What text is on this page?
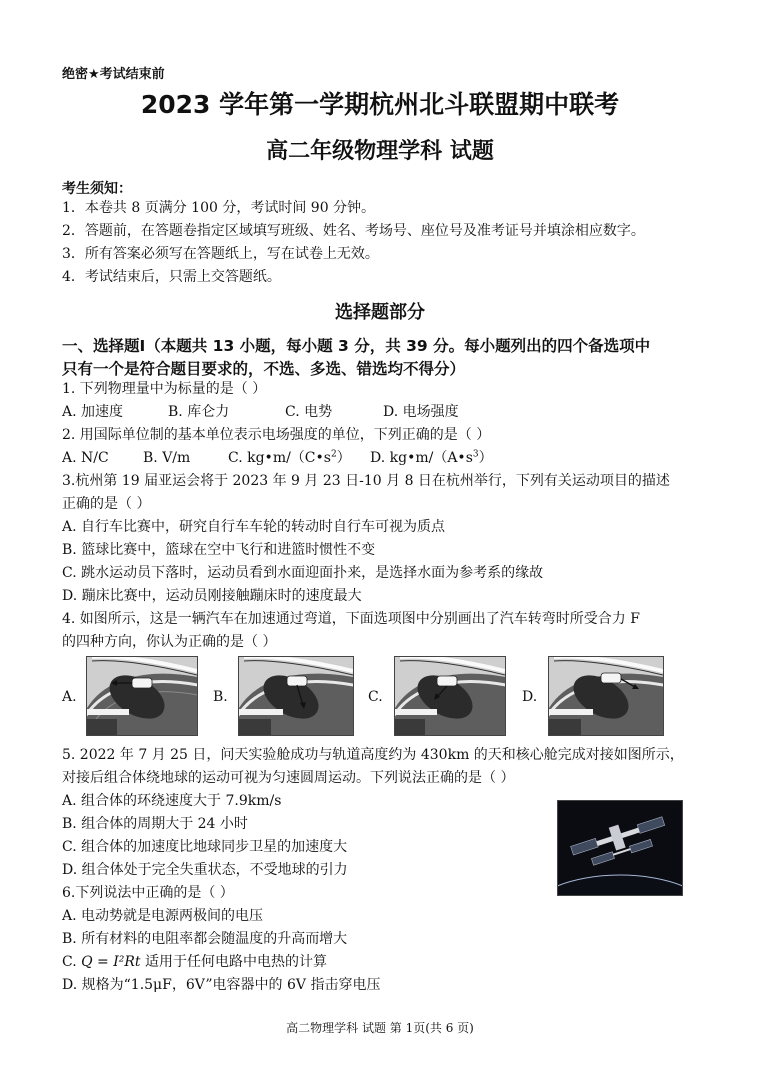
绝密★考试结束前
2023 学年第一学期杭州北斗联盟期中联考
高二年级物理学科 试题
考生须知：
1．本卷共 8 页满分 100 分，考试时间 90 分钟。
2．答题前，在答题卷指定区域填写班级、姓名、考场号、座位号及准考证号并填涂相应数字。
3．所有答案必须写在答题纸上，写在试卷上无效。
4．考试结束后，只需上交答题纸。
选择题部分
一、选择题Ⅰ（本题共 13 小题，每小题 3 分，共 39 分。每小题列出的四个备选项中
只有一个是符合题目要求的，不选、多选、错选均不得分）
1. 下列物理量中为标量的是（ ）
A. 加速度	B. 库仑力	C. 电势	D. 电场强度
2. 用国际单位制的基本单位表示电场强度的单位，下列正确的是（ ）
A. N/C B. V/m	C. $kg•m/(C•s^2)$ D. $kg•m/(A•s^3)$
3.杭州第 19 届亚运会将于 2023 年 9 月 23 日-10 月 8 日在杭州举行，下列有关运动项目的描述
正确的是（ ）
A. 自行车比赛中，研究自行车车轮的转动时自行车可视为质点
B. 篮球比赛中，篮球在空中飞行和进篮时惯性不变
C. 跳水运动员下落时，运动员看到水面迎面扑来，是选择水面为参考系的缘故
D. 蹦床比赛中，运动员刚接触蹦床时的速度最大
4. 如图所示，这是一辆汽车在加速通过弯道，下面选项图中分别画出了汽车转弯时所受合力 F
的四种方向，你认为正确的是（ ）
A.	B.	C.	D.
5. 2022 年 7 月 25 日，问天实验舱成功与轨道高度约为 430km 的天和核心舱完成对接如图所示，
对接后组合体绕地球的运动可视为匀速圆周运动。下列说法正确的是（ ）
A. 组合体的环绕速度大于 7.9km/s
B. 组合体的周期大于 24 小时
C. 组合体的加速度比地球同步卫星的加速度大
D. 组合体处于完全失重状态，不受地球的引力
6.下列说法中正确的是（ ）
A. 电动势就是电源两极间的电压
B. 所有材料的电阻率都会随温度的升高而增大
C. Q = I²Rt 适用于任何电路中电热的计算
D. 规格为“1.5μF，6V”电容器中的 6V 指击穿电压
高二物理学科 试题 第 1页(共 6 页)
